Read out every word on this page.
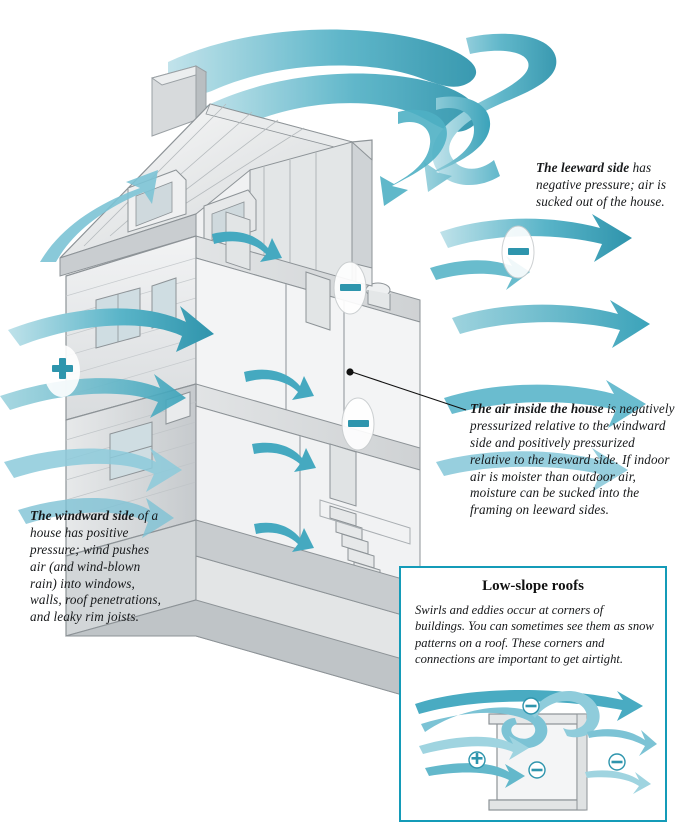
The leeward side has negative pressure; air is sucked out of the house.
The air inside the house is negatively pressurized relative to the windward side and positively pressurized relative to the leeward side. If indoor air is moister than outdoor air, moisture can be sucked into the framing on leeward sides.
The windward side of a house has positive pressure; wind pushes air (and wind-blown rain) into windows, walls, roof penetrations, and leaky rim joists.
Low-slope roofs
Swirls and eddies occur at corners of buildings. You can sometimes see them as snow patterns on a roof. These corners and connections are important to get airtight.
